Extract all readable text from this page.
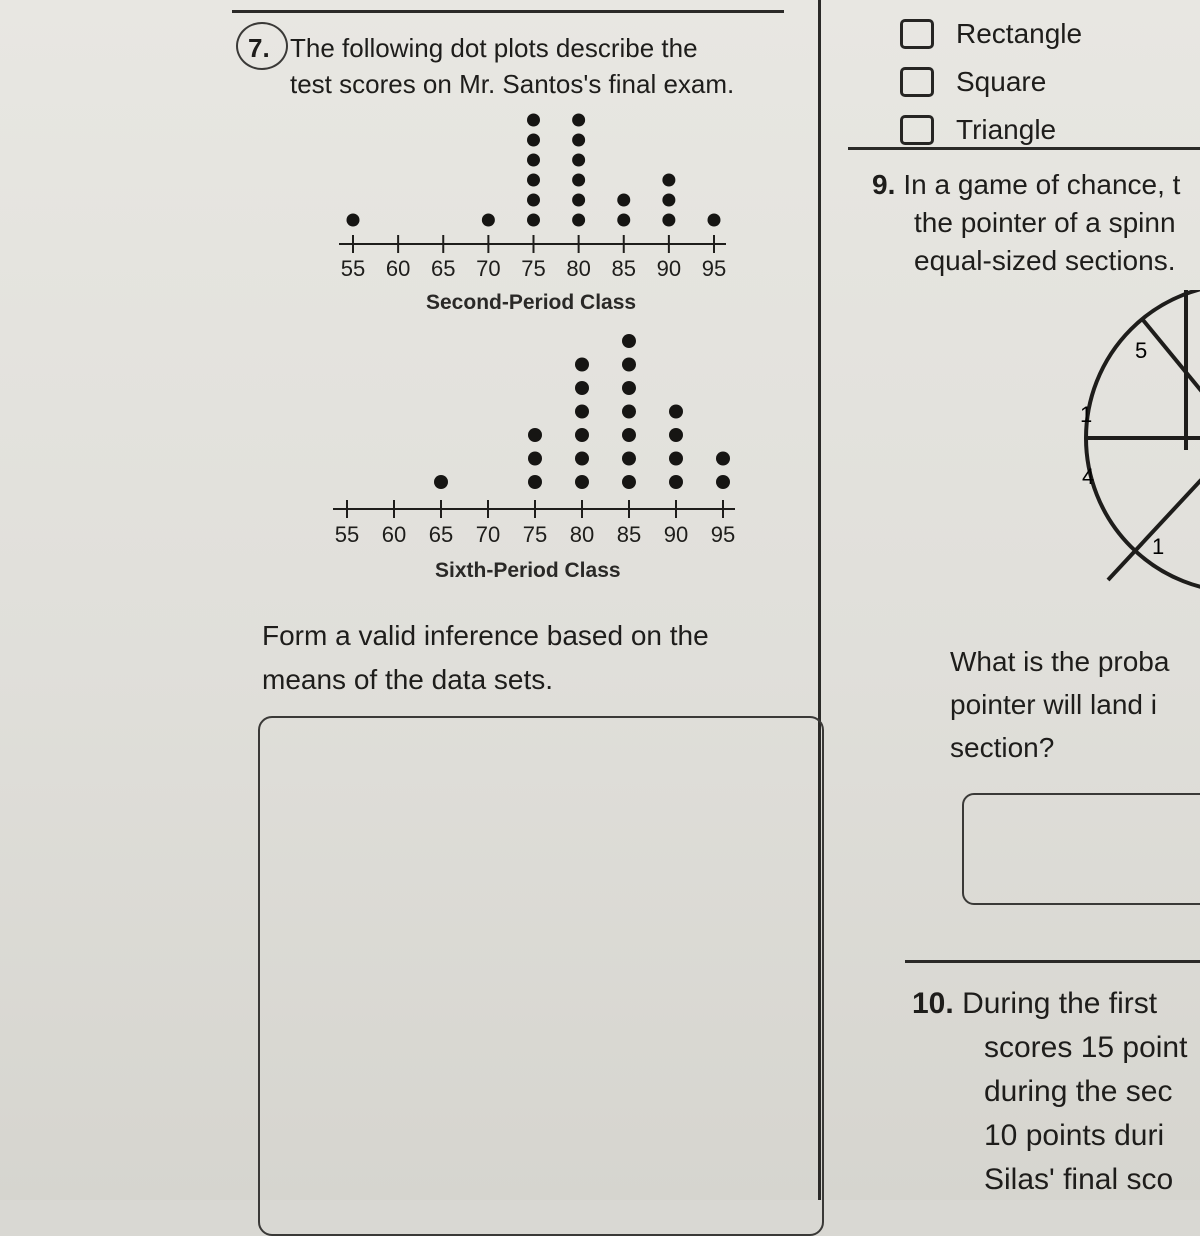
7. The following dot plots describe the
test scores on Mr. Santos's final exam.
55 60 65 70 75 80 85 90 95
55 60 65 70 75 80 85 90 95
Second-Period Class
Sixth-Period Class
Form a valid inference based on the
means of the data sets.
Rectangle
Square
Triangle
9. In a game of chance, t
the pointer of a spinn
equal-sized sections.
5
1
4
1
What is the proba
pointer will land i
section?
10. During the first
scores 15 point
during the sec
10 points duri
Silas' final sco
